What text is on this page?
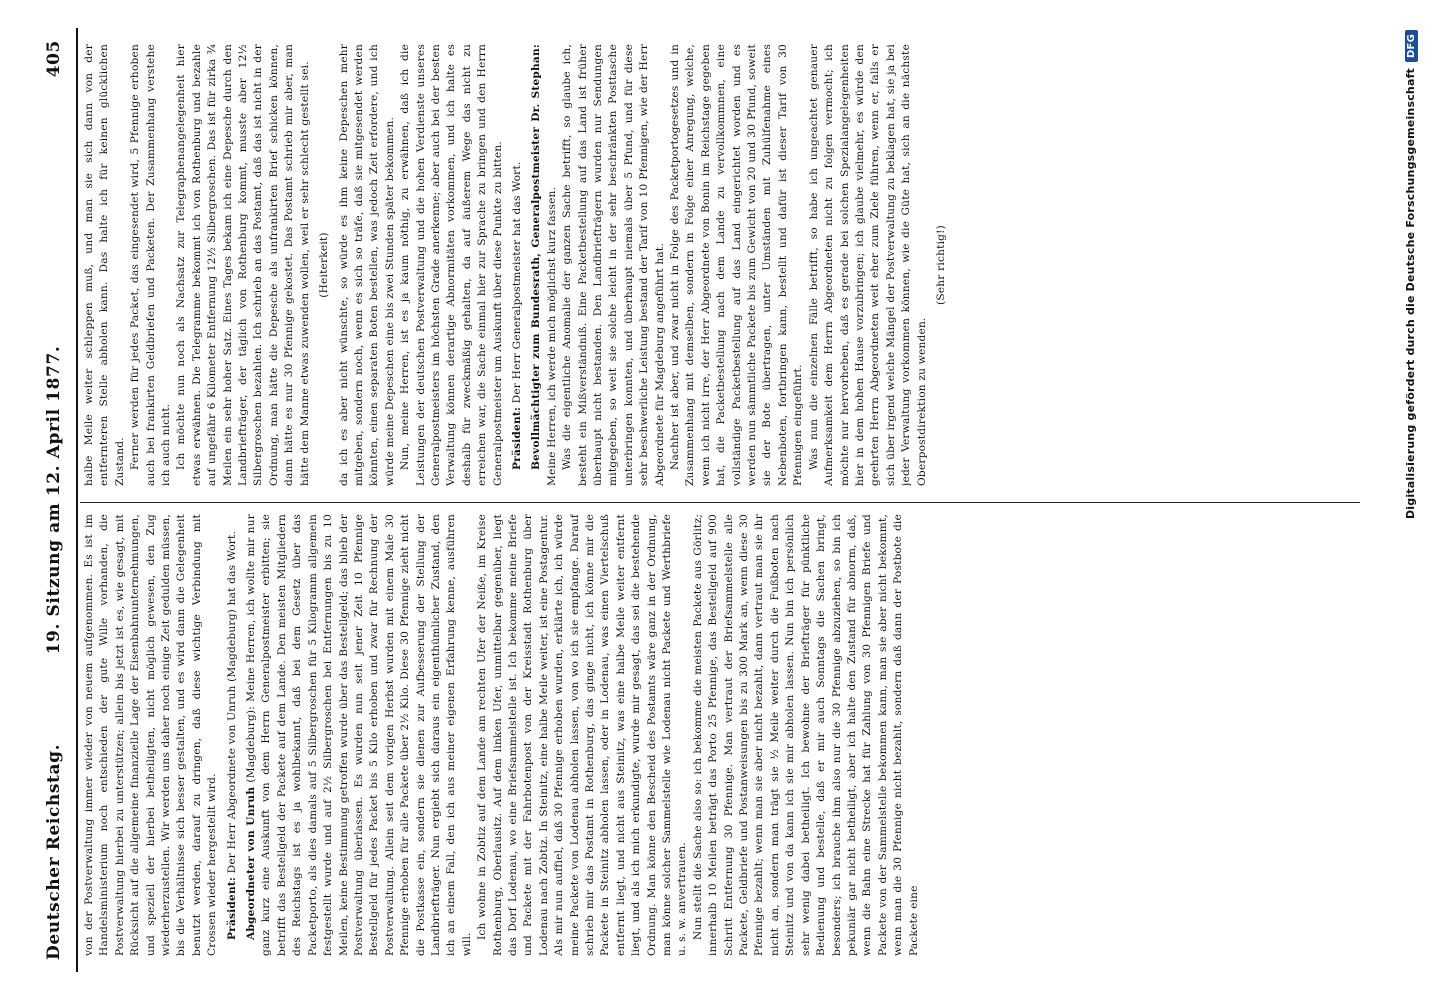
Deutscher Reichstag.
19. Sitzung am 12. April 1877.
405

von der Postverwaltung immer wieder von neuem aufgenommen. Es ist im Handelsministerium noch entschieden der gute Wille vorhanden, die Postverwaltung hierbei zu unterstützen; allein bis jetzt ist es, wie gesagt, mit Rücksicht auf die allgemeine finanzielle Lage der Eisenbahnunternehmungen, und speziell der hierbei betheiligten, nicht möglich gewesen, den Zug wiederherzustellen. Wir werden uns daher noch einige Zeit gedulden müssen, bis die Verhältnisse sich besser gestalten, und es wird dann die Gelegenheit benutzt werden, darauf zu dringen, daß diese wichtige Verbindung mit Crossen wieder hergestellt wird. Präsident: Der Herr Abgeordnete von Unruh (Magdeburg) hat das Wort. Abgeordneter von Unruh (Magdeburg): Meine Herren, ich wollte mir nur ganz kurz eine Auskunft von dem Herrn Generalpostmeister erbitten; sie betrifft das Bestellgeld der Packete auf dem Lande. Den meisten Mitgliedern des Reichstags ist es ja wohlbekannt, daß bei dem Gesetz über das Packetporto, als dies damals auf 5 Silbergroschen für 5 Kilogramm allgemein festgestellt wurde und auf 2½ Silbergroschen bei Entfernungen bis zu 10 Meilen, keine Bestimmung getroffen wurde über das Bestellgeld; das blieb der Postverwaltung überlassen. Es wurden nun seit jener Zeit 10 Pfennige Bestellgeld für jedes Packet bis 5 Kilo erhoben und zwar für Rechnung der Postverwaltung. Allein seit dem vorigen Herbst wurden mit einem Male 30 Pfennige erhoben für alle Packete über 2½ Kilo. Diese 30 Pfennige zieht nicht die Postkasse ein, sondern sie dienen zur Aufbesserung der Stellung der Landbriefträger. Nun ergiebt sich daraus ein eigenthümlicher Zustand, den ich an einem Fall, den ich aus meiner eigenen Erfahrung kenne, ausführen will.

Ich wohne in Zobtiz auf dem Lande am rechten Ufer der Neiße, im Kreise Rothenburg, Oberlausitz. Auf dem linken Ufer, unmittelbar gegenüber, liegt das Dorf Lodenau, wo eine Briefsammelstelle ist. Ich bekomme meine Briefe und Packete mit der Fahrbotenpost von der Kreisstadt Rothenburg über Lodenau nach Zobtiz. In Steinitz, eine halbe Meile weiter, ist eine Postagentur. Als mir nun auffiel, daß 30 Pfennige erhoben wurden, erklärte ich, ich würde meine Packete von Lodenau abholen lassen, von wo ich sie empfange. Darauf schrieb mir das Postamt in Rothenburg, das ginge nicht, ich könne mir die Packete in Steinitz abholen lassen, oder in Lodenau, was einen Viertelschuß entfernt liegt, und nicht aus Steinitz, was eine halbe Meile weiter entfernt liegt, und als ich mich erkundigte, wurde mir gesagt, das sei die bestehende Ordnung. Man könne den Bescheid des Postamts wäre ganz in der Ordnung, man könne solcher Sammelstelle wie Lodenau nicht Packete und Werthbriefe u. s. w. anvertrauen. Nun stellt die Sache also so: ich bekomme die meisten Packete aus Görlitz; innerhalb 10 Meilen beträgt das Porto 25 Pfennige, das Bestellgeld auf 900 Schritt Entfernung 30 Pfennige. Man vertraut der Briefsammelstelle alle Packete, Geldbriefe und Postanweisungen bis zu 300 Mark an, wenn diese 30 Pfennige bezahlt; wenn man sie aber nicht bezahlt, dann vertraut man sie ihr nicht an, sondern man trägt sie ½ Meile weiter durch die Fußboten nach Steinitz und von da kann ich sie mir abholen lassen. Nun bin ich persönlich sehr wenig dabei betheiligt. Ich bewohne der Briefträger für pünktliche Bedienung und bestelle, daß er mir auch Sonntags die Sachen bringt, besonders; ich brauche ihm also nur die 30 Pfennige abzuziehen, so bin ich pekuniär gar nicht betheiligt, aber ich halte den Zustand für abnorm, daß, wenn die Bahn eine Strecke hat für Zahlung von 30 Pfennigen Briefe und Packete von der Sammelstelle bekommen kann, man sie aber nicht bekommt, wenn man die 30 Pfennige nicht bezahlt, sondern daß dann der Postbote die Packete eine

halbe Meile weiter schleppen muß, und man sie sich dann von der entfernteren Stelle abholen kann. Das halte ich für keinen glücklichen Zustand. Ferner werden für jedes Packet, das eingesendet wird, 5 Pfennige erhoben auch bei frankirten Geldbriefen und Packeten. Der Zusammenhang verstehe ich auch nicht. Ich möchte nun noch als Nachsatz zur Telegraphenangelegenheit hier etwas erwähnen. Die Telegramme bekommt ich von Rothenburg und bezahle auf ungefähr 6 Kilometer Entfernung 12½ Silbergroschen. Das ist für zirka ¾ Meilen ein sehr hoher Satz. Eines Tages bekam ich eine Depesche durch den Landbriefträger, der täglich von Rothenburg kommt, musste aber 12½ Silbergroschen bezahlen. Ich schrieb an das Postamt, daß das ist nicht in der Ordnung, man hätte die Depesche als unfrankirten Brief schicken können, dann hätte es nur 30 Pfennige gekostet. Das Postamt schrieb mir aber, man hätte dem Manne etwas zuwenden wollen, weil er sehr schlecht gestellt sei. (Heiterkeit) da ich es aber nicht wünschte, so würde es ihm keine Depeschen mehr mitgeben, sondern noch, wenn es sich so träfe, daß sie mitgesendet werden könnten, einen separaten Boten bestellen, was jedoch Zeit erfordere, und ich würde meine Depeschen eine bis zwei Stunden später bekommen. Nun, meine Herren, ist es ja kaum nöthig, zu erwähnen, daß ich die Leistungen der deutschen Postverwaltung und die hohen Verdienste unseres Generalpostmeisters im höchsten Grade anerkenne; aber auch bei der besten Verwaltung können derartige Abnormitäten vorkommen, und ich halte es deshalb für zweckmäßig gehalten, da auf äußerem Wege das nicht zu erreichen war, die Sache einmal hier zur Sprache zu bringen und den Herrn Generalpostmeister um Auskunft über diese Punkte zu bitten. Präsident: Der Herr Generalpostmeister hat das Wort. Bevollmächtigter zum Bundesrath, Generalpostmeister Dr. Stephan: Meine Herren, ich werde mich möglichst kurz fassen. Was die eigentliche Anomalie der ganzen Sache betrifft, so glaube ich, besteht ein Mißverständniß. Eine Packetbestellung auf das Land ist früher überhaupt nicht bestanden. Den Landbriefträgern wurden nur Sendungen mitgegeben, so weit sie solche leicht in der sehr beschränkten Posttasche unterbringen konnten, und überhaupt niemals über 5 Pfund, und für diese sehr beschwerliche Leistung bestand der Tarif von 10 Pfennigen, wie der Herr Abgeordnete für Magdeburg angeführt hat. Nachher ist aber, und zwar nicht in Folge des Packetportogesetzes und in Zusammenhang mit demselben, sondern in Folge einer Anregung, welche, wenn ich nicht irre, der Herr Abgeordnete von Bonin im Reichstage gegeben hat, die Packetbestellung nach dem Lande zu vervollkommnen, eine vollständige Packetbestellung auf das Land eingerichtet worden und es werden nun sämmtliche Packete bis zum Gewicht von 20 und 30 Pfund, soweit sie der Bote übertragen, unter Umständen mit Zuhülfenahme eines Nebenboten, fortbringen kann, bestellt und dafür ist dieser Tarif von 30 Pfennigen eingeführt. Was nun die einzelnen Fälle betrifft, so habe ich ungeachtet genauer Aufmerksamkeit dem Herrn Abgeordneten nicht zu folgen vermocht; ich möchte nur hervorheben, daß es gerade bei solchen Spezialangelegenheiten hier in dem hohen Hause vorzubringen; ich glaube vielmehr, es würde den geehrten Herrn Abgeordneten weit eher zum Ziele führen, wenn er, falls er sich über irgend welche Mängel der Postverwaltung zu beklagen hat, sie ja bei jeder Verwaltung vorkommen können, wie die Güte hat, sich an die nächste Oberpostdirektion zu wenden.

(Sehr richtig!)	Digitalisierung gefördert durch die Deutsche Forschungsgemeinschaft DFG
